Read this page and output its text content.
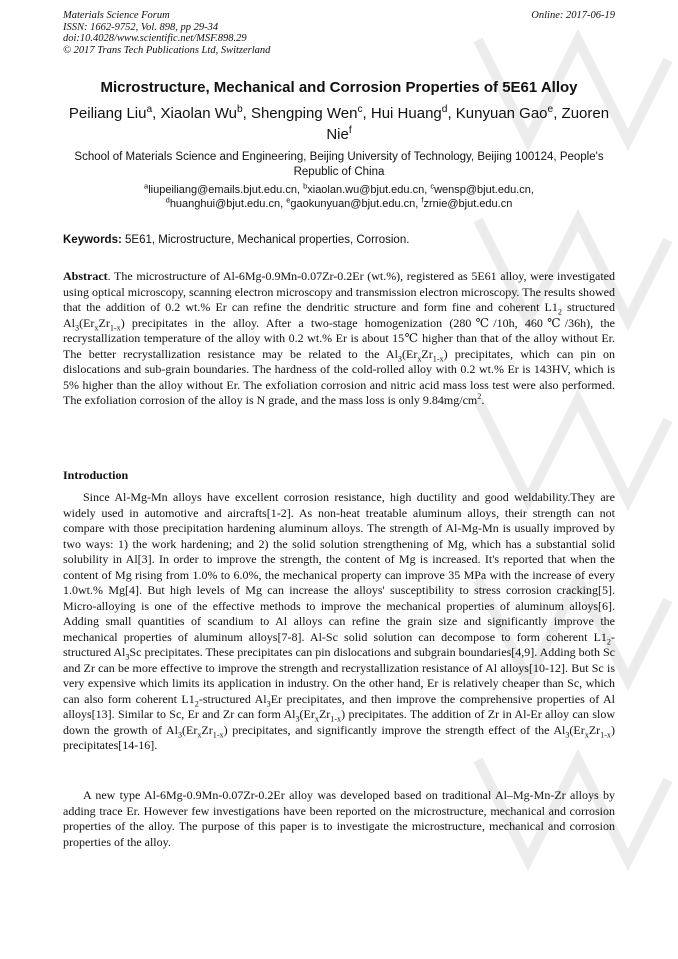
Materials Science Forum
ISSN: 1662-9752, Vol. 898, pp 29-34
doi:10.4028/www.scientific.net/MSF.898.29
© 2017 Trans Tech Publications Ltd, Switzerland
Online: 2017-06-19
Microstructure, Mechanical and Corrosion Properties of 5E61 Alloy
Peiliang Liu$^a$, Xiaolan Wu$^b$, Shengping Wen$^c$, Hui Huang$^d$, Kunyuan Gao$^e$, Zuoren Nie$^f$
School of Materials Science and Engineering, Beijing University of Technology, Beijing 100124, People's Republic of China
$^a$liupeiliang@emails.bjut.edu.cn, $^b$xiaolan.wu@bjut.edu.cn, $^c$wensp@bjut.edu.cn,
$^d$huanghui@bjut.edu.cn, $^e$gaokunyuan@bjut.edu.cn, $^f$zrnie@bjut.edu.cn
Keywords: 5E61, Microstructure, Mechanical properties, Corrosion.
Abstract. The microstructure of Al-6Mg-0.9Mn-0.07Zr-0.2Er (wt.%), registered as 5E61 alloy, were investigated using optical microscopy, scanning electron microscopy and transmission electron microscopy. The results showed that the addition of 0.2 wt.% Er can refine the dendritic structure and form fine and coherent $L1_2$ structured $Al_3(Er_xZr_{1-x})$ precipitates in the alloy. After a two-stage homogenization (280℃/10h, 460℃/36h), the recrystallization temperature of the alloy with 0.2 wt.% Er is about 15℃ higher than that of the alloy without Er. The better recrystallization resistance may be related to the $Al_3(Er_xZr_{1-x})$ precipitates, which can pin on dislocations and sub-grain boundaries. The hardness of the cold-rolled alloy with 0.2 wt.% Er is 143HV, which is 5% higher than the alloy without Er. The exfoliation corrosion and nitric acid mass loss test were also performed. The exfoliation corrosion of the alloy is N grade, and the mass loss is only $9.84mg/cm^2$.
Introduction
Since Al-Mg-Mn alloys have excellent corrosion resistance, high ductility and good weldability.They are widely used in automotive and aircrafts[1-2]. As non-heat treatable aluminum alloys, their strength can not compare with those precipitation hardening aluminum alloys. The strength of Al-Mg-Mn is usually improved by two ways: 1) the work hardening; and 2) the solid solution strengthening of Mg, which has a substantial solid solubility in Al[3]. In order to improve the strength, the content of Mg is increased. It's reported that when the content of Mg rising from 1.0% to 6.0%, the mechanical property can improve 35 MPa with the increase of every 1.0wt.% Mg[4]. But high levels of Mg can increase the alloys' susceptibility to stress corrosion cracking[5]. Micro-alloying is one of the effective methods to improve the mechanical properties of aluminum alloys[6]. Adding small quantities of scandium to Al alloys can refine the grain size and significantly improve the mechanical properties of aluminum alloys[7-8]. Al-Sc solid solution can decompose to form coherent $L1_2$-structured $Al_3Sc$ precipitates. These precipitates can pin dislocations and subgrain boundaries[4,9]. Adding both Sc and Zr can be more effective to improve the strength and recrystallization resistance of Al alloys[10-12]. But Sc is very expensive which limits its application in industry. On the other hand, Er is relatively cheaper than Sc, which can also form coherent $L1_2$-structured $Al_3Er$ precipitates, and then improve the comprehensive properties of Al alloys[13]. Similar to Sc, Er and Zr can form $Al_3(Er_xZr_{1-x})$ precipitates. The addition of Zr in Al-Er alloy can slow down the growth of $Al_3(Er_xZr_{1-x})$ precipitates, and significantly improve the strength effect of the $Al_3(Er_xZr_{1-x})$ precipitates[14-16].
A new type Al-6Mg-0.9Mn-0.07Zr-0.2Er alloy was developed based on traditional Al–Mg-Mn-Zr alloys by adding trace Er. However few investigations have been reported on the microstructure, mechanical and corrosion properties of the alloy. The purpose of this paper is to investigate the microstructure, mechanical and corrosion properties of the alloy.
